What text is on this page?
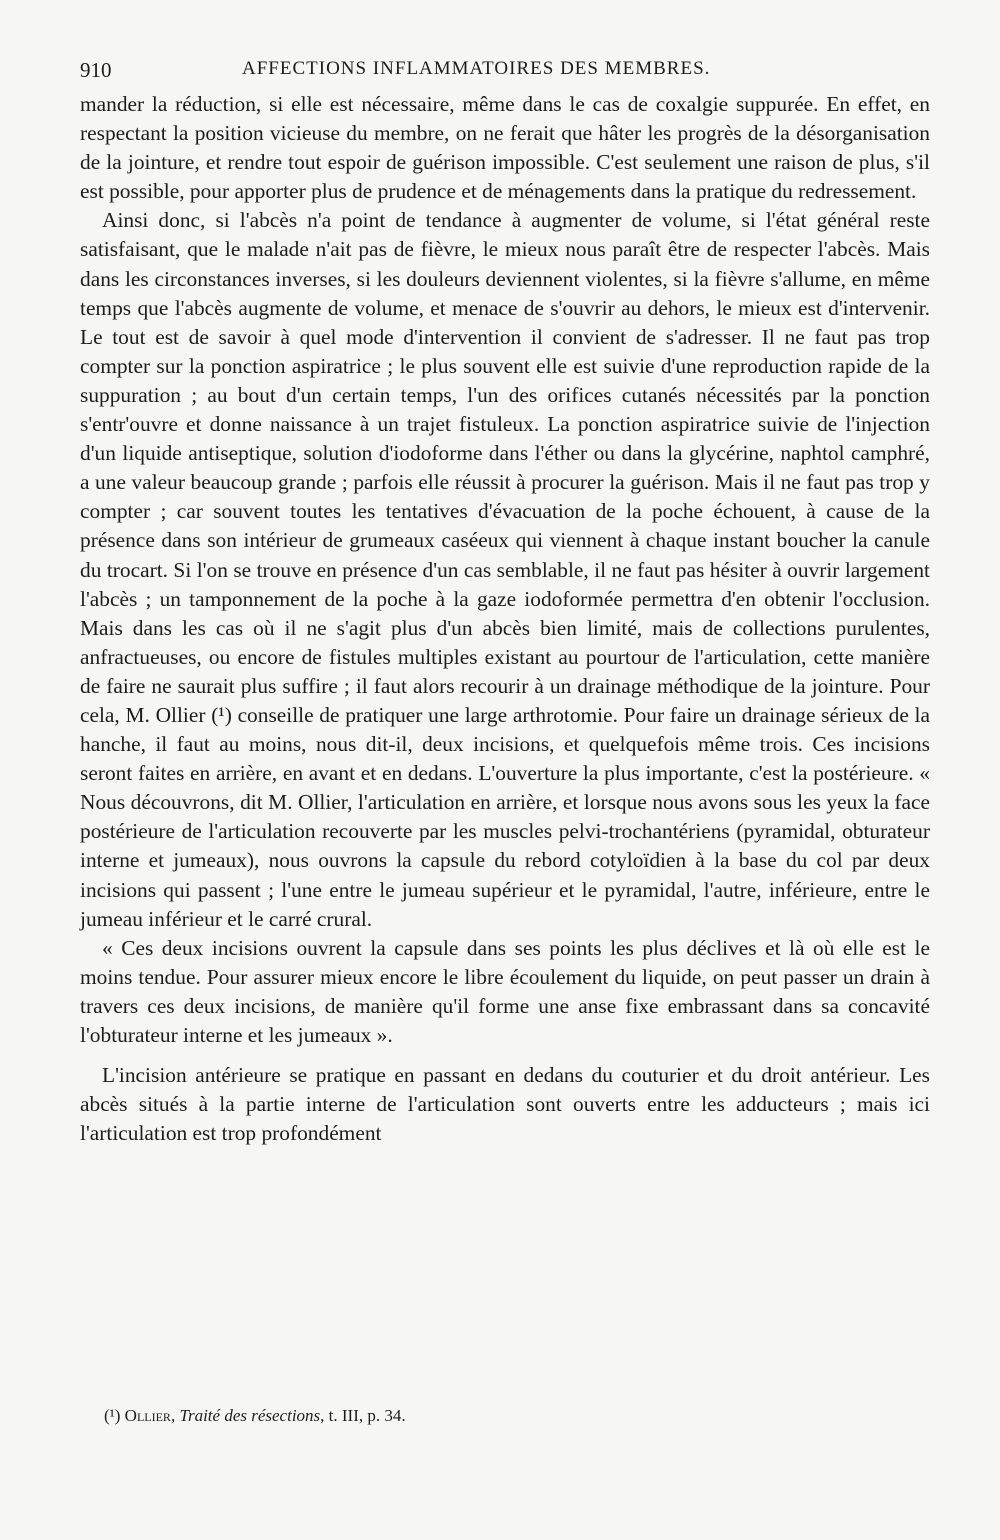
910	AFFECTIONS INFLAMMATOIRES DES MEMBRES.

mander la réduction, si elle est nécessaire, même dans le cas de coxalgie suppurée. En effet, en respectant la position vicieuse du membre, on ne ferait que hâter les progrès de la désorganisation de la jointure, et rendre tout espoir de guérison impossible. C'est seulement une raison de plus, s'il est possible, pour apporter plus de prudence et de ménagements dans la pratique du redressement.

Ainsi donc, si l'abcès n'a point de tendance à augmenter de volume, si l'état général reste satisfaisant, que le malade n'ait pas de fièvre, le mieux nous paraît être de respecter l'abcès. Mais dans les circonstances inverses, si les douleurs deviennent violentes, si la fièvre s'allume, en même temps que l'abcès augmente de volume, et menace de s'ouvrir au dehors, le mieux est d'intervenir. Le tout est de savoir à quel mode d'intervention il convient de s'adresser. Il ne faut pas trop compter sur la ponction aspiratrice ; le plus souvent elle est suivie d'une reproduction rapide de la suppuration ; au bout d'un certain temps, l'un des orifices cutanés nécessités par la ponction s'entr'ouvre et donne naissance à un trajet fistuleux. La ponction aspiratrice suivie de l'injection d'un liquide antiseptique, solution d'iodoforme dans l'éther ou dans la glycérine, naphtol camphré, a une valeur beaucoup grande ; parfois elle réussit à procurer la guérison. Mais il ne faut pas trop y compter ; car souvent toutes les tentatives d'évacuation de la poche échouent, à cause de la présence dans son intérieur de grumeaux caséeux qui viennent à chaque instant boucher la canule du trocart. Si l'on se trouve en présence d'un cas semblable, il ne faut pas hésiter à ouvrir largement l'abcès ; un tamponnement de la poche à la gaze iodoformée permettra d'en obtenir l'occlusion. Mais dans les cas où il ne s'agit plus d'un abcès bien limité, mais de collections purulentes, anfractueuses, ou encore de fistules multiples existant au pourtour de l'articulation, cette manière de faire ne saurait plus suffire ; il faut alors recourir à un drainage méthodique de la jointure. Pour cela, M. Ollier (¹) conseille de pratiquer une large arthrotomie. Pour faire un drainage sérieux de la hanche, il faut au moins, nous dit-il, deux incisions, et quelquefois même trois. Ces incisions seront faites en arrière, en avant et en dedans. L'ouverture la plus importante, c'est la postérieure. « Nous découvrons, dit M. Ollier, l'articulation en arrière, et lorsque nous avons sous les yeux la face postérieure de l'articulation recouverte par les muscles pelvi-trochantériens (pyramidal, obturateur interne et jumeaux), nous ouvrons la capsule du rebord cotyloïdien à la base du col par deux incisions qui passent ; l'une entre le jumeau supérieur et le pyramidal, l'autre, inférieure, entre le jumeau inférieur et le carré crural.

« Ces deux incisions ouvrent la capsule dans ses points les plus déclives et là où elle est le moins tendue. Pour assurer mieux encore le libre écoulement du liquide, on peut passer un drain à travers ces deux incisions, de manière qu'il forme une anse fixe embrassant dans sa concavité l'obturateur interne et les jumeaux ».

L'incision antérieure se pratique en passant en dedans du couturier et du droit antérieur. Les abcès situés à la partie interne de l'articulation sont ouverts entre les adducteurs ; mais ici l'articulation est trop profondément

(¹) Ollier, Traité des résections, t. III, p. 34.
